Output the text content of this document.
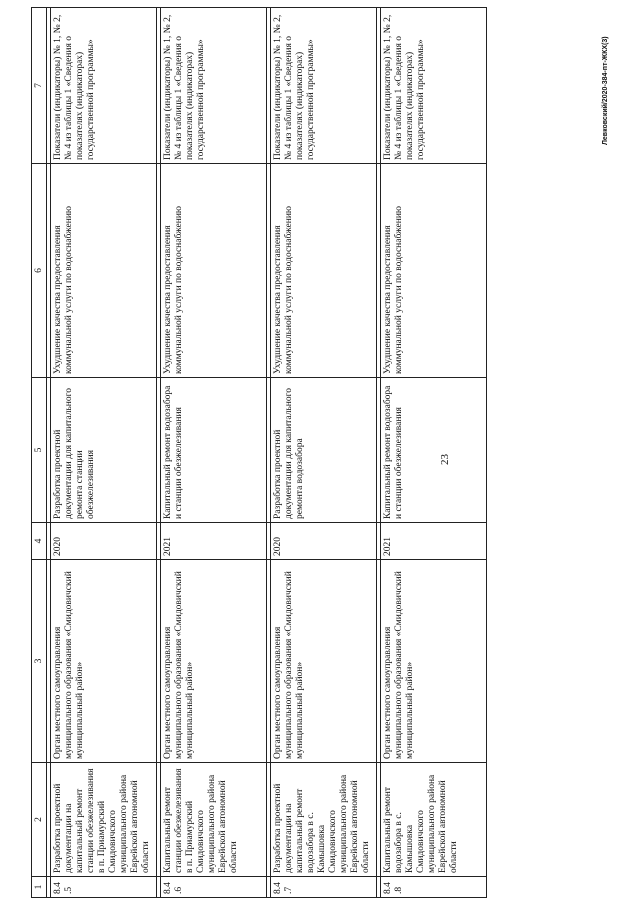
23
1	2	3	4	5	6	7

8.4.5	Разработка проектной документации на капитальный ремонт станции обезжелезивания в п. Приамурский Смидовичского муниципального района Еврейской автономной области	Орган местного самоуправления муниципального образования «Смидовичский муниципальный район»	2020	Разработка проектной документации для капитального ремонта станции обезжелезивания	Ухудшение качества предоставления коммунальной услуги по водоснабжению	Показатели (индикаторы) № 1, № 2, № 4 из таблицы 1 «Сведения о показателях (индикаторах) государственной программы»

8.4.6	Капитальный ремонт станции обезжелезивания в п. Приамурский Смидовичского муниципального района Еврейской автономной области	Орган местного самоуправления муниципального образования «Смидовичский муниципальный район»	2021	Капитальный ремонт водозабора и станции обезжелезивания	Ухудшение качества предоставления коммунальной услуги по водоснабжению	Показатели (индикаторы) № 1, № 2, № 4 из таблицы 1 «Сведения о показателях (индикаторах) государственной программы»

8.4.7	Разработка проектной документации на капитальный ремонт водозабора в с. Камышовка Смидовичского муниципального района Еврейской автономной области	Орган местного самоуправления муниципального образования «Смидовичский муниципальный район»	2020	Разработка проектной документации для капитального ремонта водозабора	Ухудшение качества предоставления коммунальной услуги по водоснабжению	Показатели (индикаторы) № 1, № 2, № 4 из таблицы 1 «Сведения о показателях (индикаторах) государственной программы»

8.4.8	Капитальный ремонт водозабора в с. Камышовка Смидовичского муниципального района Еврейской автономной области	Орган местного самоуправления муниципального образования «Смидовичский муниципальный район»	2021	Капитальный ремонт водозабора и станции обезжелезивания	Ухудшение качества предоставления коммунальной услуги по водоснабжению	Показатели (индикаторы) № 1, № 2, № 4 из таблицы 1 «Сведения о показателях (индикаторах) государственной программы»	Левковский/2020-384-пт-ЖКХ(3)
